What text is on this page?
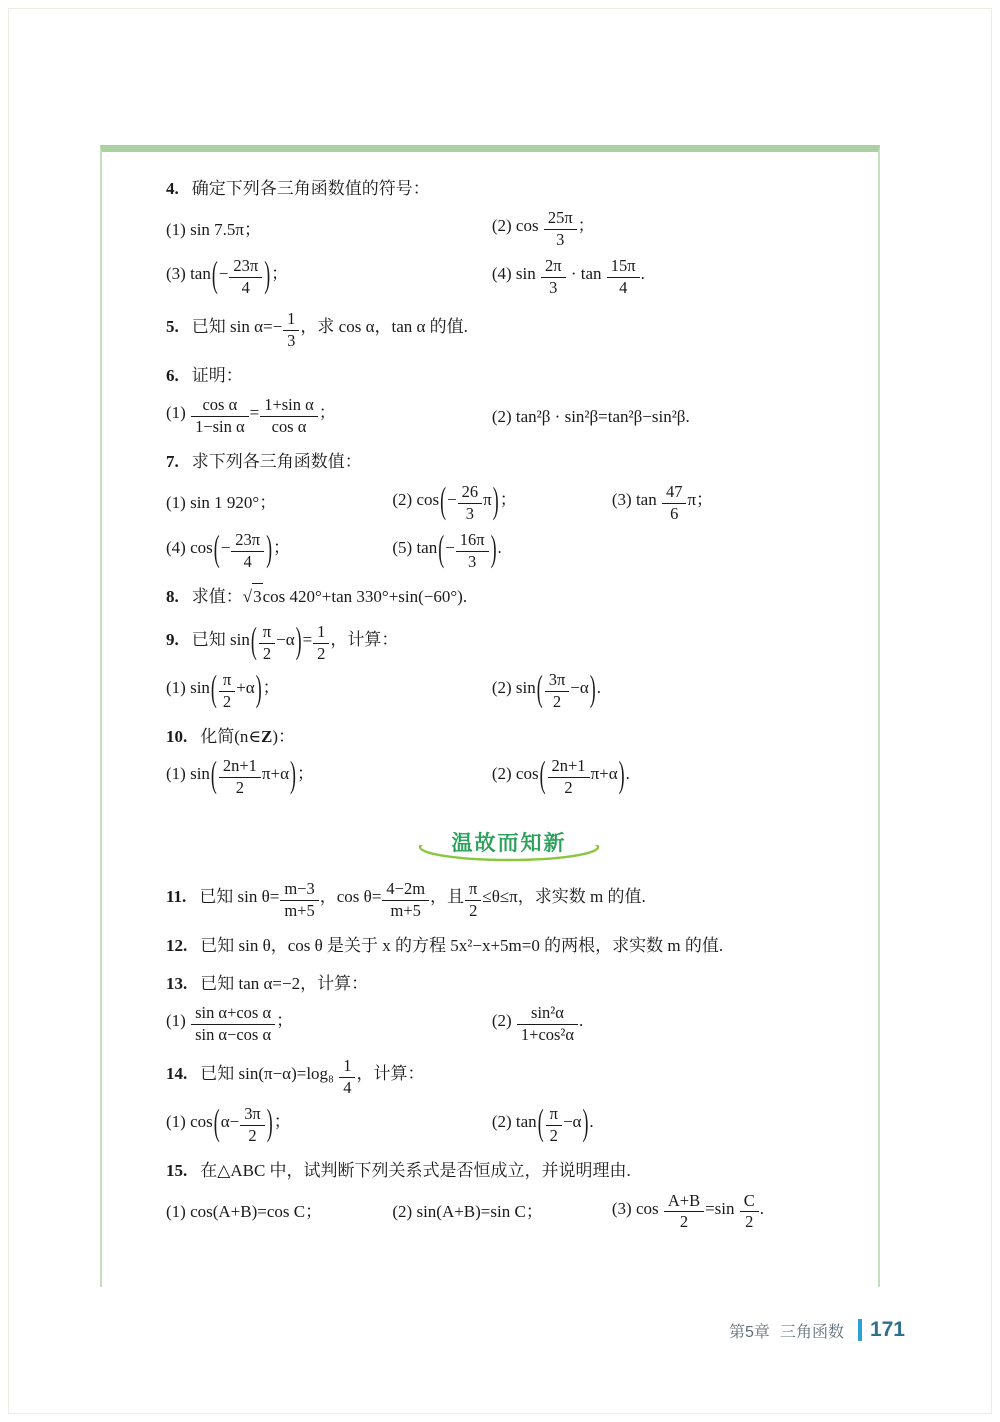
4. 确定下列各三角函数值的符号：
(1) sin 7.5π；	(2) $\cos \frac{25\pi}{3}$ ；
(3) $\tan(- \frac{23\pi}{4}$ )；	(4) $\sin \frac{2\pi}{3} \cdot \tan \frac{15\pi}{4}$ .
5. 已知 $\sin \alpha=- \frac{1}{3}$ ，求 cos α，tan α 的值.
6. 证明：
$(1) \frac{\text{cos α}}{\text{1−sin α}} = \frac{\text{1+sin α}}{\text{cos α}}$ ；	(2) tan²β · sin²β=tan²β−sin²β.
7. 求下列各三角函数值：
(1) sin 1 920°；	(2) $\cos(- \frac{26}{3} \pi)$；	(3) $\tan \frac{47}{6}$ π；
(4) $\cos(- \frac{23\pi}{4}$ )；	(5) $\tan(- \frac{16\pi}{3}$ ).
8. 求值：√3cos 420°+tan 330°+sin(−60°).
9. 已知 $\sin( \frac{\pi}{2} -\alpha)= \frac{1}{2}$ ，计算：
(1) $\sin( \frac{\pi}{2} +\alpha)$；	(2) $\sin( \frac{3\pi}{2} -\alpha)$.
10. 化简(n∈Z)：
(1) $\sin( \frac{2n+1}{2} \pi+\alpha)$；	(2) $\cos( \frac{2n+1}{2} \pi+\alpha)$.
温故而知新
11. 已知 $\sin \theta= \frac{m-3}{m+5}$ ，$\cos \theta= \frac{4-2m}{m+5}$ ，且 $\frac{\pi}{2} \le\theta\le\pi$，求实数 m 的值.
12. 已知 sin θ，cos θ 是关于 x 的方程 5x²−x+5m=0 的两根，求实数 m 的值.
13. 已知 tan α=−2，计算：
$(1) \frac{\text{sin α+cos α}}{\text{sin α−cos α}}$ ；	$(2) \frac{\text{sin²α}}{\text{1+cos²α}}$ .
14. 已知 $\sin(\pi-\alpha)=\log_8 \frac{1}{4}$ ，计算：
(1) $\cos(\alpha- \frac{3\pi}{2}$ )；	(2) $\tan( \frac{\pi}{2} -\alpha)$.
15. 在△ABC 中，试判断下列关系式是否恒成立，并说明理由.
(1) cos(A+B)=cos C；	(2) sin(A+B)=sin C；	(3) $\cos \frac{A+B}{2} =\sin \frac{C}{2}$ .
第5章 三角函数 171
